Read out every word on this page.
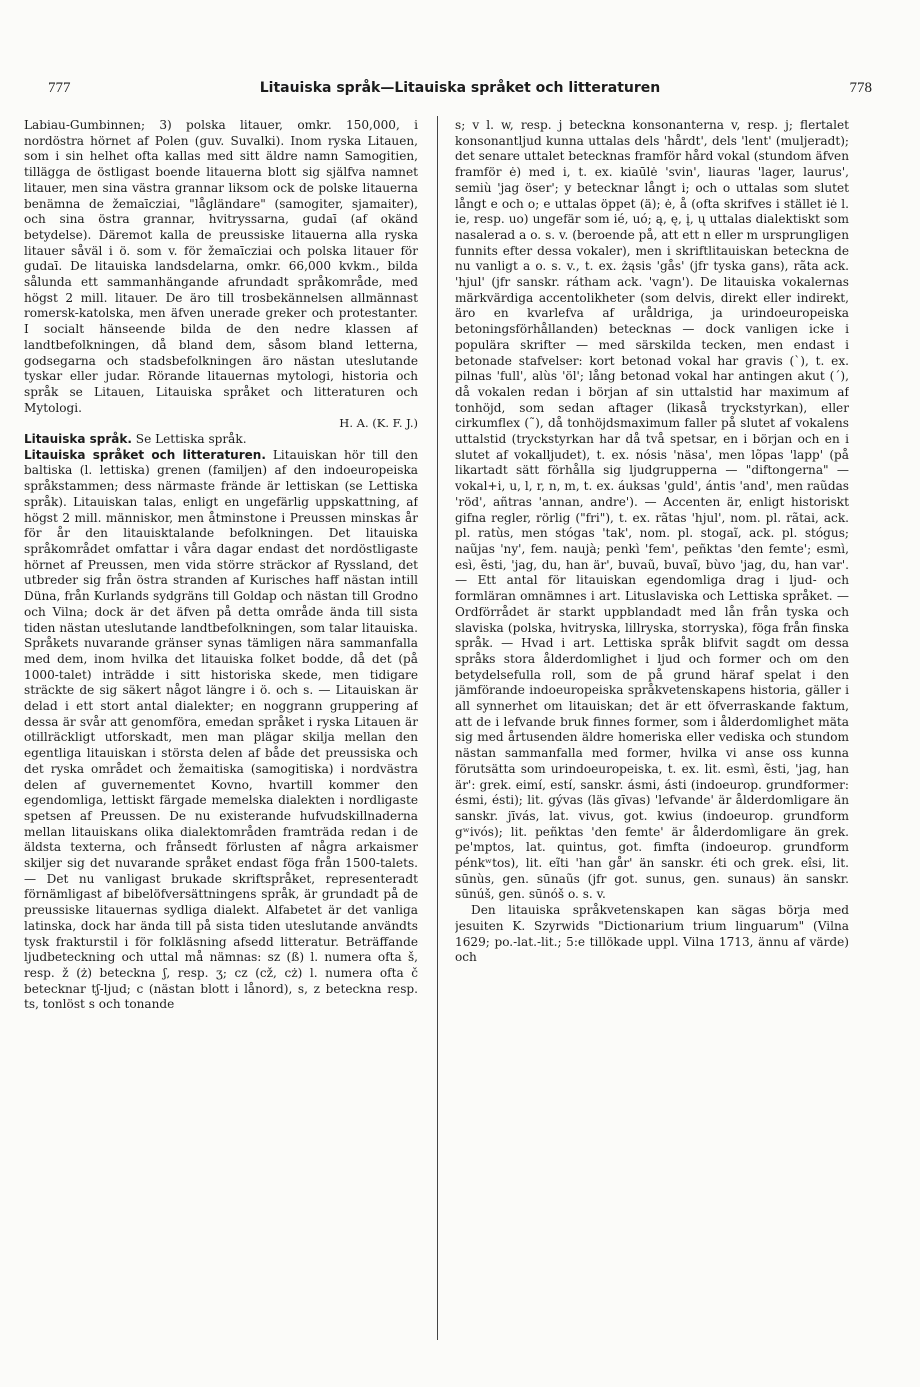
777	Litauiska språk—Litauiska språket och litteraturen	778

Labiau-Gumbinnen; 3) polska litauer, omkr. 150,000, i nordöstra hörnet af Polen (guv. Suvalki). Inom ryska Litauen, som i sin helhet ofta kallas med sitt äldre namn Samogitien, tillägga de östligast boende litauerna blott sig själfva namnet litauer, men sina västra grannar liksom ock de polske litauerna benämna de žemaīcziai, "lågländare" (samogiter, sjamaiter), och sina östra grannar, hvitryssarna, gudaī (af okänd betydelse). Däremot kalla de preussiske litauerna alla ryska litauer såväl i ö. som v. för žemaīcziai och polska litauer för gudaī. De litauiska landsdelarna, omkr. 66,000 kvkm., bilda sålunda ett sammanhängande afrundadt språkområde, med högst 2 mill. litauer. De äro till trosbekännelsen allmännast romersk-katolska, men äfven unerade greker och protestanter. I socialt hänseende bilda de den nedre klassen af landtbefolkningen, då bland dem, såsom bland letterna, godsegarna och stadsbefolkningen äro nästan uteslutande tyskar eller judar. Rörande litauernas mytologi, historia och språk se Litauen, Litauiska språket och litteraturen och Mytologi.

H. A. (K. F. J.)

Litauiska språk. Se Lettiska språk.

Litauiska språket och litteraturen. Litauiskan hör till den baltiska (l. lettiska) grenen (familjen) af den indoeuropeiska språkstammen; dess närmaste frände är lettiskan (se Lettiska språk). Litauiskan talas, enligt en ungefärlig uppskattning, af högst 2 mill. människor, men åtminstone i Preussen minskas år för år den litauisktalande befolkningen. Det litauiska språkområdet omfattar i våra dagar endast det nordöstligaste hörnet af Preussen, men vida större sträckor af Ryssland, det utbreder sig från östra stranden af Kurisches haff nästan intill Düna, från Kurlands sydgräns till Goldap och nästan till Grodno och Vilna; dock är det äfven på detta område ända till sista tiden nästan uteslutande landtbefolkningen, som talar litauiska. Språkets nuvarande gränser synas tämligen nära sammanfalla med dem, inom hvilka det litauiska folket bodde, då det (på 1000-talet) inträdde i sitt historiska skede, men tidigare sträckte de sig säkert något längre i ö. och s. — Litauiskan är delad i ett stort antal dialekter; en noggrann gruppering af dessa är svår att genomföra, emedan språket i ryska Litauen är otillräckligt utforskadt, men man plägar skilja mellan den egentliga litauiskan i största delen af både det preussiska och det ryska området och žemaitiska (samogitiska) i nordvästra delen af guvernementet Kovno, hvartill kommer den egendomliga, lettiskt färgade memelska dialekten i nordligaste spetsen af Preussen. De nu existerande hufvudskillnaderna mellan litauiskans olika dialektområden framträda redan i de äldsta texterna, och frånsedt förlusten af några arkaismer skiljer sig det nuvarande språket endast föga från 1500-talets. — Det nu vanligast brukade skriftspråket, representeradt förnämligast af bibelöfversättningens språk, är grundadt på de preussiske litauernas sydliga dialekt. Alfabetet är det vanliga latinska, dock har ända till på sista tiden uteslutande användts tysk frakturstil i för folkläsning afsedd litteratur. Beträffande ljudbeteckning och uttal må nämnas: sz (ß) l. numera ofta š, resp. ž (ż) beteckna ʃ, resp. ʒ; cz (cž, cż) l. numera ofta č betecknar tʃ-ljud; c (nästan blott i lånord), s, z beteckna resp. ts, tonlöst s och tonande

s; v l. w, resp. j beteckna konsonanterna v, resp. j; flertalet konsonantljud kunna uttalas dels 'hårdt', dels 'lent' (muljeradt); det senare uttalet betecknas framför hård vokal (stundom äfven framför ė) med i, t. ex. kiaūlė 'svin', liauras 'lager, laurus', semiù 'jag öser'; y betecknar långt i; och o uttalas som slutet långt e och o; e uttalas öppet (ä); ė, å (ofta skrifves i stället iė l. ie, resp. uo) ungefär som ié, uó; ą, ę, į, ų uttalas dialektiskt som nasalerad a o. s. v. (beroende på, att ett n eller m ursprungligen funnits efter dessa vokaler), men i skriftlitauiskan beteckna de nu vanligt a o. s. v., t. ex. żąsis 'gås' (jfr tyska gans), rãta ack. 'hjul' (jfr sanskr. rátham ack. 'vagn'). De litauiska vokalernas märkvärdiga accentolikheter (som delvis, direkt eller indirekt, äro en kvarlefva af uråldriga, ja urindoeuropeiska betoningsförhållanden) betecknas — dock vanligen icke i populära skrifter — med särskilda tecken, men endast i betonade stafvelser: kort betonad vokal har gravis (`), t. ex. pilnas 'full', alùs 'öl'; lång betonad vokal har antingen akut (´), då vokalen redan i början af sin uttalstid har maximum af tonhöjd, som sedan aftager (likaså tryckstyrkan), eller cirkumflex (˜), då tonhöjdsmaximum faller på slutet af vokalens uttalstid (tryckstyrkan har då två spetsar, en i början och en i slutet af vokalljudet), t. ex. nósis 'näsa', men lõpas 'lapp' (på likartadt sätt förhålla sig ljudgrupperna — "diftongerna" — vokal+i, u, l, r, n, m, t. ex. áuksas 'guld', ántis 'and', men raũdas 'röd', añtras 'annan, andre'). — Accenten är, enligt historiskt gifna regler, rörlig ("fri"), t. ex. rãtas 'hjul', nom. pl. rãtai, ack. pl. ratùs, men stógas 'tak', nom. pl. stogaĩ, ack. pl. stógus; naũjas 'ny', fem. naujà; penkì 'fem', peñktas 'den femte'; esmì, esì, ẽsti, 'jag, du, han är', buvaũ, buvaĩ, bùvo 'jag, du, han var'. — Ett antal för litauiskan egendomliga drag i ljud- och formläran omnämnes i art. Lituslaviska och Lettiska språket. — Ordförrådet är starkt uppblandadt med lån från tyska och slaviska (polska, hvitryska, lillryska, storryska), föga från finska språk. — Hvad i art. Lettiska språk blifvit sagdt om dessa språks stora ålderdomlighet i ljud och former och om den betydelsefulla roll, som de på grund häraf spelat i den jämförande indoeuropeiska språkvetenskapens historia, gäller i all synnerhet om litauiskan; det är ett öfverraskande faktum, att de i lefvande bruk finnes former, som i ålderdomlighet mäta sig med årtusenden äldre homeriska eller vediska och stundom nästan sammanfalla med former, hvilka vi anse oss kunna förutsätta som urindoeuropeiska, t. ex. lit. esmì, ẽsti, 'jag, han är': grek. eimí, estí, sanskr. ásmi, ásti (indoeurop. grundformer: ésmi, ésti); lit. gývas (läs gīvas) 'lefvande' är ålderdomligare än sanskr. jīvás, lat. vivus, got. kwius (indoeurop. grundform gʷivós); lit. peñktas 'den femte' är ålderdomligare än grek. pe'mptos, lat. quintus, got. fimfta (indoeurop. grundform pénkʷtos), lit. eĩti 'han går' än sanskr. éti och grek. eîsi, lit. sūnùs, gen. sūnaũs (jfr got. sunus, gen. sunaus) än sanskr. sūnúš, gen. sūnóš o. s. v.

Den litauiska språkvetenskapen kan sägas börja med jesuiten K. Szyrwids "Dictionarium trium linguarum" (Vilna 1629; po.-lat.-lit.; 5:e tillökade uppl. Vilna 1713, ännu af värde) och
